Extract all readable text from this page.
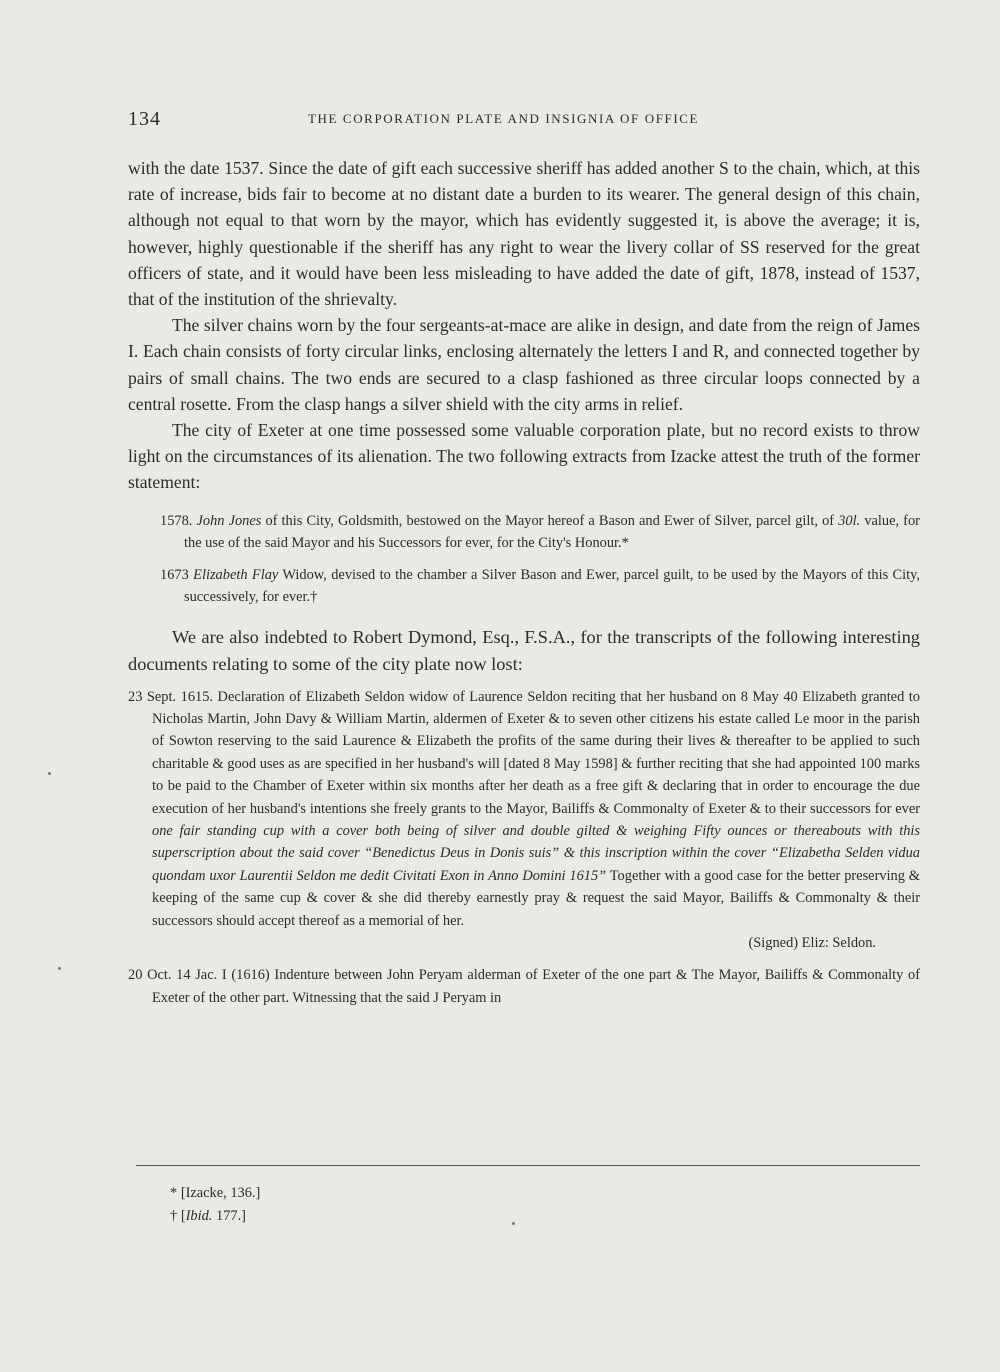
134	THE CORPORATION PLATE AND INSIGNIA OF OFFICE

with the date 1537. Since the date of gift each successive sheriff has added another S to the chain, which, at this rate of increase, bids fair to become at no distant date a burden to its wearer. The general design of this chain, although not equal to that worn by the mayor, which has evidently suggested it, is above the average; it is, however, highly questionable if the sheriff has any right to wear the livery collar of SS reserved for the great officers of state, and it would have been less misleading to have added the date of gift, 1878, instead of 1537, that of the institution of the shrievalty.

The silver chains worn by the four sergeants-at-mace are alike in design, and date from the reign of James I. Each chain consists of forty circular links, enclosing alternately the letters I and R, and connected together by pairs of small chains. The two ends are secured to a clasp fashioned as three circular loops connected by a central rosette. From the clasp hangs a silver shield with the city arms in relief.

The city of Exeter at one time possessed some valuable corporation plate, but no record exists to throw light on the circumstances of its alienation. The two following extracts from Izacke attest the truth of the former statement:

1578. John Jones of this City, Goldsmith, bestowed on the Mayor hereof a Bason and Ewer of Silver, parcel gilt, of 30l. value, for the use of the said Mayor and his Successors for ever, for the City's Honour.*

1673 Elizabeth Flay Widow, devised to the chamber a Silver Bason and Ewer, parcel guilt, to be used by the Mayors of this City, successively, for ever.†

We are also indebted to Robert Dymond, Esq., F.S.A., for the transcripts of the following interesting documents relating to some of the city plate now lost:

23 Sept. 1615. Declaration of Elizabeth Seldon widow of Laurence Seldon reciting that her husband on 8 May 40 Elizabeth granted to Nicholas Martin, John Davy & William Martin, aldermen of Exeter & to seven other citizens his estate called Le moor in the parish of Sowton reserving to the said Laurence & Elizabeth the profits of the same during their lives & thereafter to be applied to such charitable & good uses as are specified in her husband's will [dated 8 May 1598] & further reciting that she had appointed 100 marks to be paid to the Chamber of Exeter within six months after her death as a free gift & declaring that in order to encourage the due execution of her husband's intentions she freely grants to the Mayor, Bailiffs & Commonalty of Exeter & to their successors for ever one fair standing cup with a cover both being of silver and double gilted & weighing Fifty ounces or thereabouts with this superscription about the said cover “Benedictus Deus in Donis suis” & this inscription within the cover “Elizabetha Selden vidua quondam uxor Laurentii Seldon me dedit Civitati Exon in Anno Domini 1615” Together with a good case for the better preserving & keeping of the same cup & cover & she did thereby earnestly pray & request the said Mayor, Bailiffs & Commonalty & their successors should accept thereof as a memorial of her.

(Signed) Eliz: Seldon.

20 Oct. 14 Jac. I (1616) Indenture between John Peryam alderman of Exeter of the one part & The Mayor, Bailiffs & Commonalty of Exeter of the other part. Witnessing that the said J Peryam in

* [Izacke, 136.]
† [Ibid. 177.]
